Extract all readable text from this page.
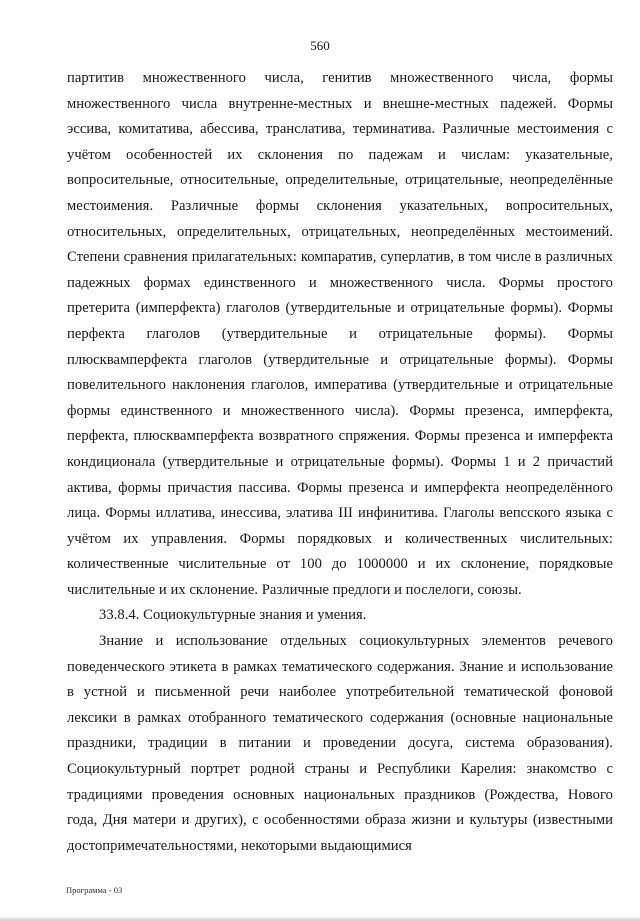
560

партитив множественного числа, генитив множественного числа, формы множественного числа внутренне-местных и внешне-местных падежей. Формы эссива, комитатива, абессива, транслатива, терминатива. Различные местоимения с учётом особенностей их склонения по падежам и числам: указательные, вопросительные, относительные, определительные, отрицательные, неопределённые местоимения. Различные формы склонения указательных, вопросительных, относительных, определительных, отрицательных, неопределённых местоимений. Степени сравнения прилагательных: компаратив, суперлатив, в том числе в различных падежных формах единственного и множественного числа. Формы простого претерита (имперфекта) глаголов (утвердительные и отрицательные формы). Формы перфекта глаголов (утвердительные и отрицательные формы). Формы плюсквамперфекта глаголов (утвердительные и отрицательные формы). Формы повелительного наклонения глаголов, императива (утвердительные и отрицательные формы единственного и множественного числа). Формы презенса, имперфекта, перфекта, плюсквамперфекта возвратного спряжения. Формы презенса и имперфекта кондиционала (утвердительные и отрицательные формы). Формы 1 и 2 причастий актива, формы причастия пассива. Формы презенса и имперфекта неопределённого лица. Формы иллатива, инессива, элатива III инфинитива. Глаголы вепсского языка с учётом их управления. Формы порядковых и количественных числительных: количественные числительные от 100 до 1000000 и их склонение, порядковые числительные и их склонение. Различные предлоги и послелоги, союзы.

33.8.4. Социокультурные знания и умения.

Знание и использование отдельных социокультурных элементов речевого поведенческого этикета в рамках тематического содержания. Знание и использование в устной и письменной речи наиболее употребительной тематической фоновой лексики в рамках отобранного тематического содержания (основные национальные праздники, традиции в питании и проведении досуга, система образования). Социокультурный портрет родной страны и Республики Карелия: знакомство с традициями проведения основных национальных праздников (Рождества, Нового года, Дня матери и других), с особенностями образа жизни и культуры (известными достопримечательностями, некоторыми выдающимися

Программа - 03
